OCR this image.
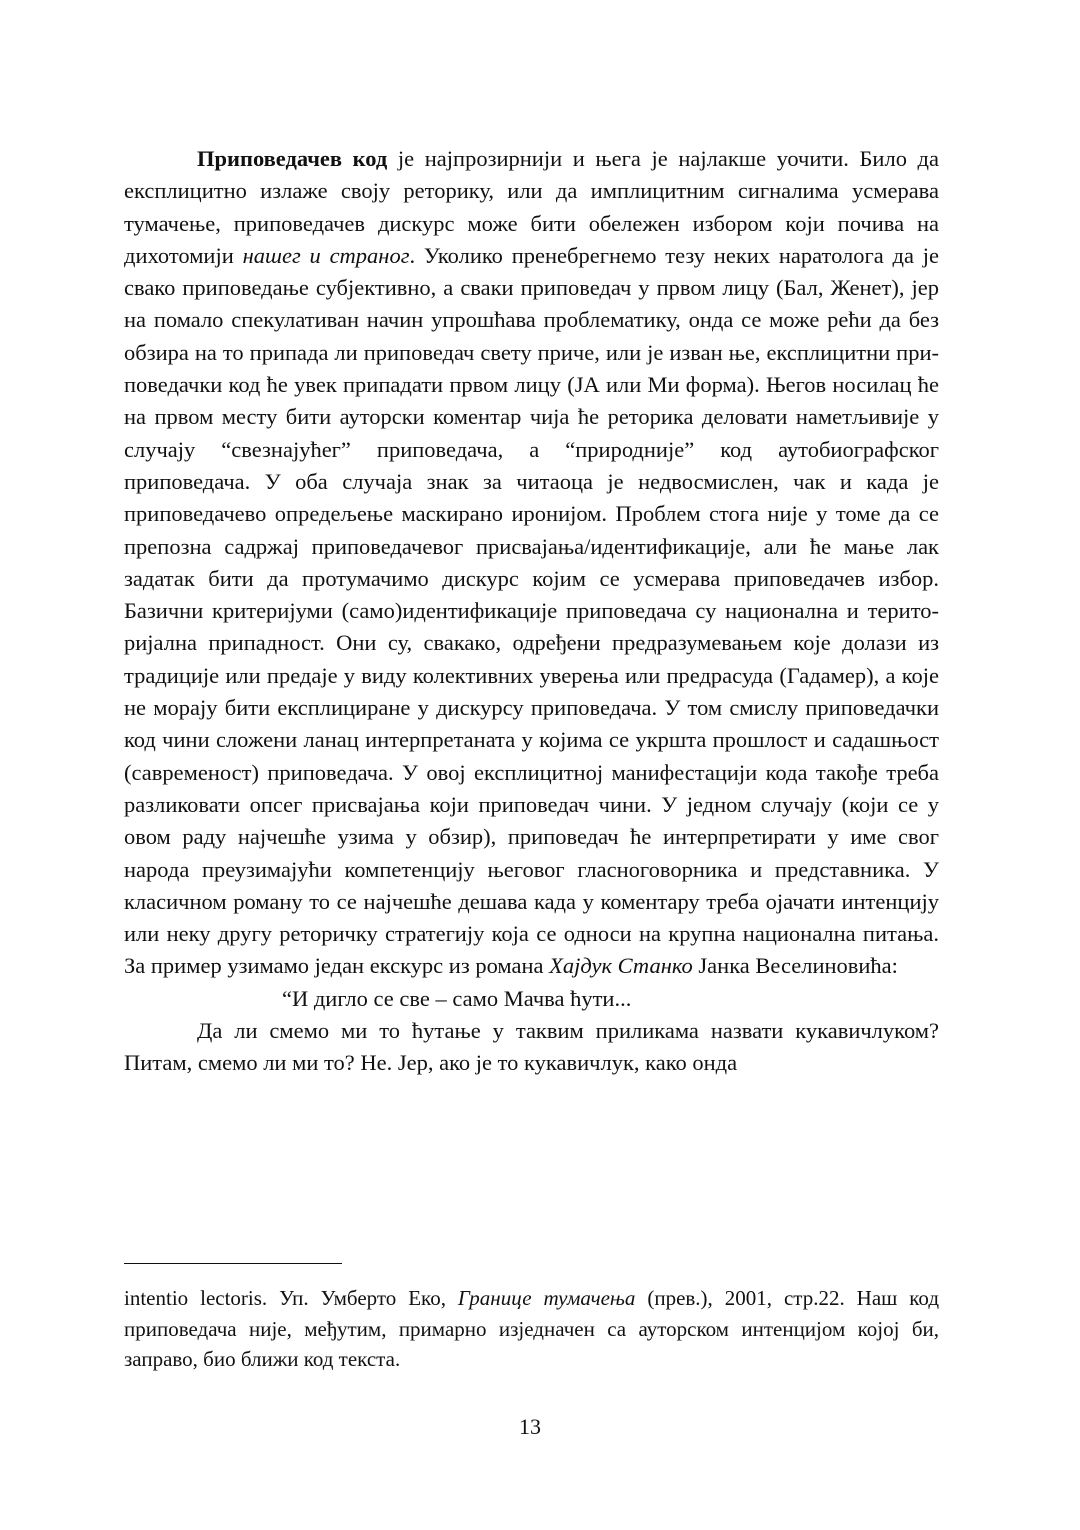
Приповедачев код је најпрозирнији и њега је најлакше уочити. Било да експлицитно излаже своју реторику, или да имплицитним сигналима усмерава тумачење, приповедачев дискурс може бити обележен избором који почива на дихотомији нашег и страног. Уколико пренебрегнемо тезу неких наратолога да је свако приповедање субјективно, а сваки приповедач у првом лицу (Бал, Женет), јер на помало спекулативан начин упрошћава проблематику, онда се може рећи да без обзира на то припада ли приповедач свету приче, или је изван ње, експлицитни приповедачки код ће увек припадати првом лицу (ЈА или Ми форма). Његов носилац ће на првом месту бити ауторски коментар чија ће реторика деловати наметљивије у случају “свезнајућег” приповедача, а “природније” код аутобиографског приповедача. У оба случаја знак за читаоца је недвосмислен, чак и када је приповедачево опредељење маскирано иронијом. Проблем стога није у томе да се препозна садржај приповедачевог присвајања/идентификације, али ће мање лак задатак бити да протумачимо дискурс којим се усмерава приповедачев избор. Базични критеријуми (само)идентификације приповедача су национална и територијална припадност. Они су, свакако, одређени предразумевањем које долази из традиције или предаје у виду колективних уверења или предрасуда (Гадамер), а које не морају бити експлициране у дискурсу приповедача. У том смислу приповедачки код чини сложени ланац интерпретаната у којима се укршта прошлост и садашњост (савременост) приповедача. У овој експлицитној манифестацији кода такође треба разликовати опсег присвајања који приповедач чини. У једном случају (који се у овом раду најчешће узима у обзир), приповедач ће интерпретирати у име свог народа преузимајући компетенцију његовог гласноговорника и представника. У класичном роману то се најчешће дешава када у коментару треба ојачати интенцију или неку другу реторичку стратегију која се односи на крупна национална питања. За пример узимамо један екскурс из романа Хајдук Станко Јанка Веселиновића:

“И дигло се све – само Мачва ћути...

Да ли смемо ми то ћутање у таквим приликама назвати кукавичлуком? Питам, смемо ли ми то? Не. Јер, ако је то кукавичлук, како онда

intentio lectoris. Уп. Умберто Еко, Границе тумачења (прев.), 2001, стр.22. Наш код приповедача није, међутим, примарно изједначен са ауторском интенцијом којој би, заправо, био ближи код текста.

13
